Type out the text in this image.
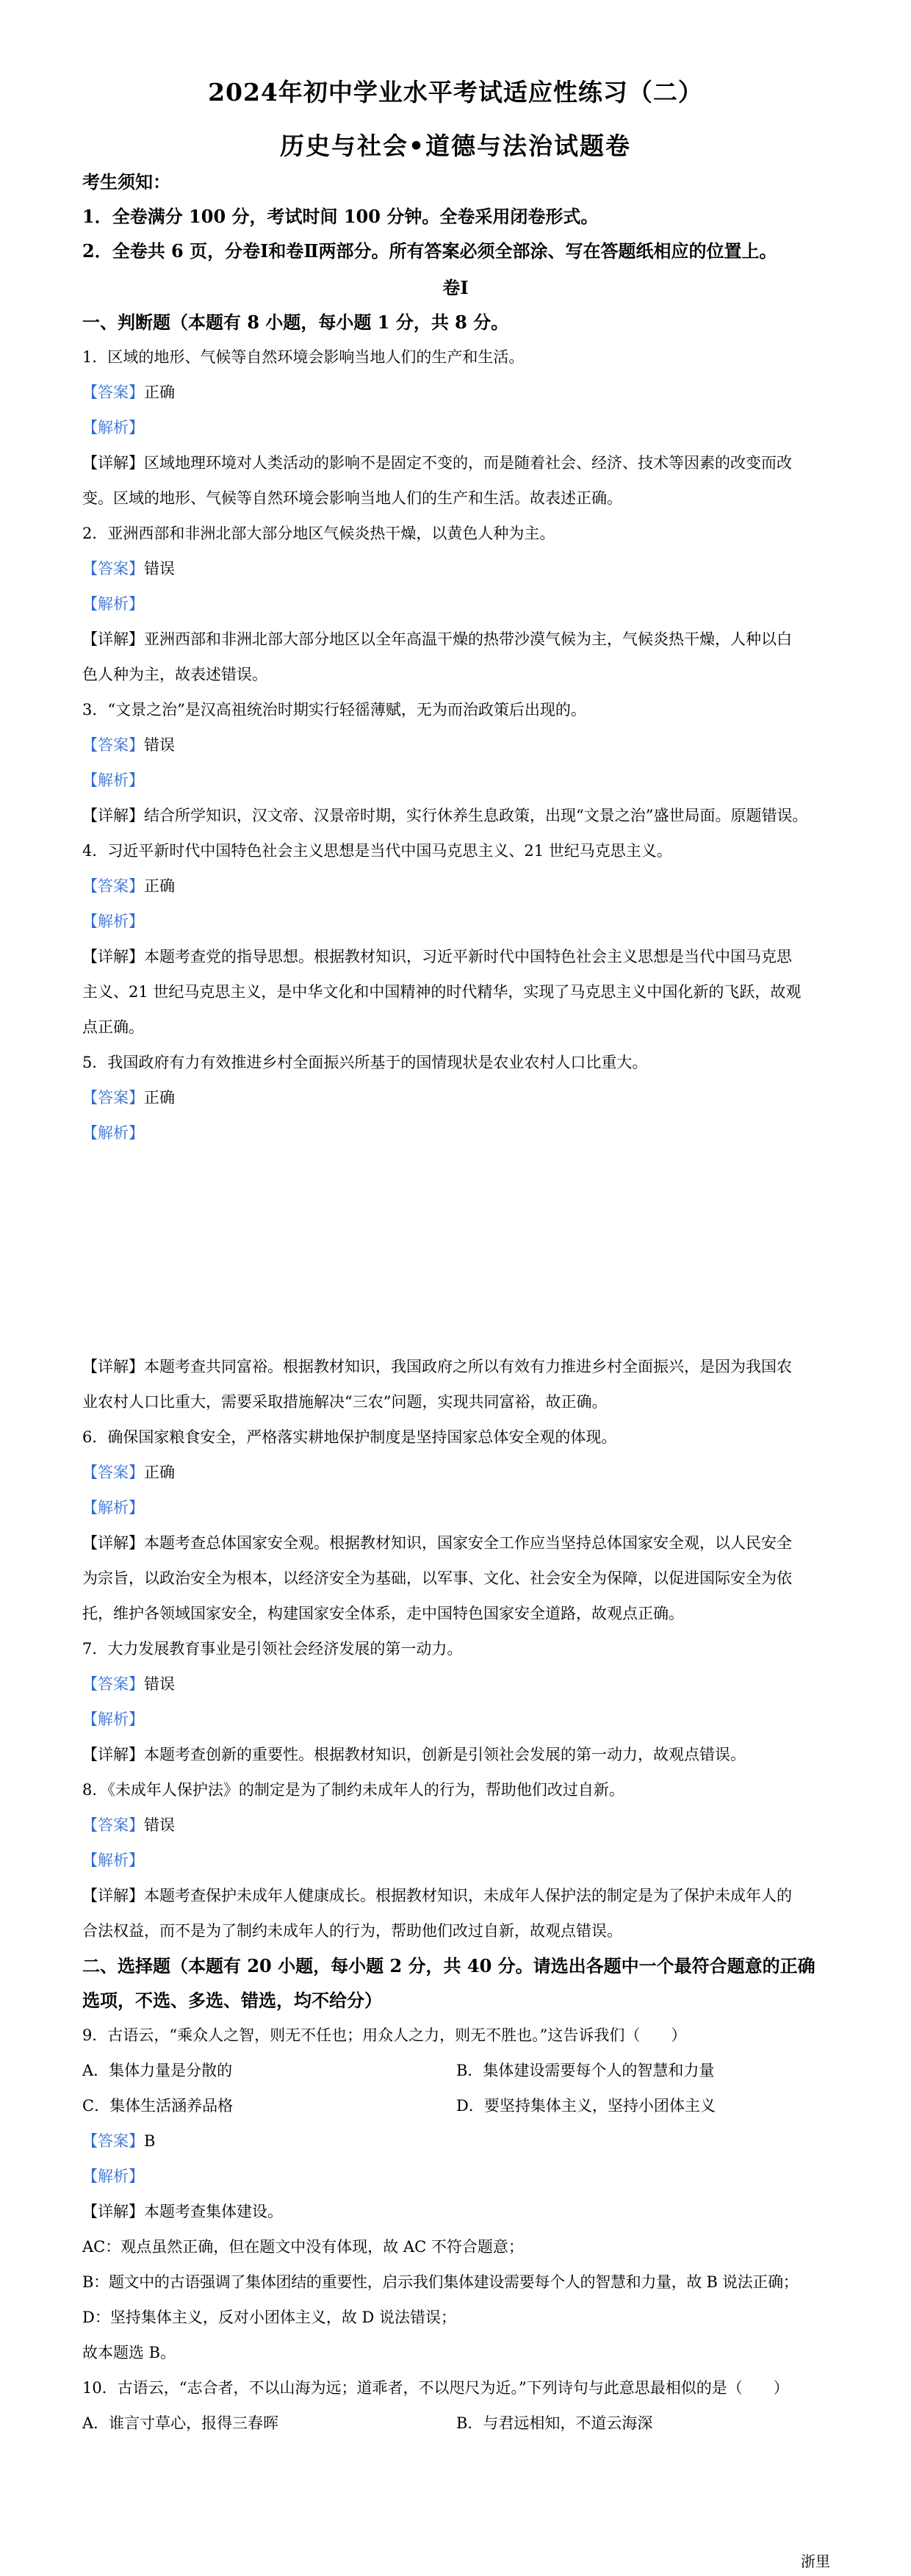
2024年初中学业水平考试适应性练习（二）
历史与社会•道德与法治试题卷
考生须知：
1．全卷满分 100 分，考试时间 100 分钟。全卷采用闭卷形式。
2．全卷共 6 页，分卷Ⅰ和卷Ⅱ两部分。所有答案必须全部涂、写在答题纸相应的位置上。
卷Ⅰ
一、判断题（本题有 8 小题，每小题 1 分，共 8 分。
1．区域的地形、气候等自然环境会影响当地人们的生产和生活。
【答案】正确
【解析】
【详解】区域地理环境对人类活动的影响不是固定不变的，而是随着社会、经济、技术等因素的改变而改
变。区域的地形、气候等自然环境会影响当地人们的生产和生活。故表述正确。
2．亚洲西部和非洲北部大部分地区气候炎热干燥，以黄色人种为主。
【答案】错误
【解析】
【详解】亚洲西部和非洲北部大部分地区以全年高温干燥的热带沙漠气候为主，气候炎热干燥，人种以白
色人种为主，故表述错误。
3．“文景之治”是汉高祖统治时期实行轻徭薄赋，无为而治政策后出现的。
【答案】错误
【解析】
【详解】结合所学知识，汉文帝、汉景帝时期，实行休养生息政策，出现“文景之治”盛世局面。原题错误。
4．习近平新时代中国特色社会主义思想是当代中国马克思主义、21 世纪马克思主义。
【答案】正确
【解析】
【详解】本题考查党的指导思想。根据教材知识，习近平新时代中国特色社会主义思想是当代中国马克思
主义、21 世纪马克思主义，是中华文化和中国精神的时代精华，实现了马克思主义中国化新的飞跃，故观
点正确。
5．我国政府有力有效推进乡村全面振兴所基于的国情现状是农业农村人口比重大。
【答案】正确
【解析】
【详解】本题考查共同富裕。根据教材知识，我国政府之所以有效有力推进乡村全面振兴，是因为我国农
业农村人口比重大，需要采取措施解决“三农”问题，实现共同富裕，故正确。
6．确保国家粮食安全，严格落实耕地保护制度是坚持国家总体安全观的体现。
【答案】正确
【解析】
【详解】本题考查总体国家安全观。根据教材知识，国家安全工作应当坚持总体国家安全观，以人民安全
为宗旨，以政治安全为根本，以经济安全为基础，以军事、文化、社会安全为保障，以促进国际安全为依
托，维护各领域国家安全，构建国家安全体系，走中国特色国家安全道路，故观点正确。
7．大力发展教育事业是引领社会经济发展的第一动力。
【答案】错误
【解析】
【详解】本题考查创新的重要性。根据教材知识，创新是引领社会发展的第一动力，故观点错误。
8．《未成年人保护法》的制定是为了制约未成年人的行为，帮助他们改过自新。
【答案】错误
【解析】
【详解】本题考查保护未成年人健康成长。根据教材知识，未成年人保护法的制定是为了保护未成年人的
合法权益，而不是为了制约未成年人的行为，帮助他们改过自新，故观点错误。
二、选择题（本题有 20 小题，每小题 2 分，共 40 分。请选出各题中一个最符合题意的正确
选项，不选、多选、错选，均不给分）
9．古语云，“乘众人之智，则无不任也；用众人之力，则无不胜也。”这告诉我们（　　）
A．集体力量是分散的	B．集体建设需要每个人的智慧和力量
C．集体生活涵养品格	D．要坚持集体主义，坚持小团体主义
【答案】B
【解析】
【详解】本题考查集体建设。
AC：观点虽然正确，但在题文中没有体现，故 AC 不符合题意；
B：题文中的古语强调了集体团结的重要性，启示我们集体建设需要每个人的智慧和力量，故 B 说法正确；
D：坚持集体主义，反对小团体主义，故 D 说法错误；
故本题选 B。
10．古语云，“志合者，不以山海为远；道乖者，不以咫尺为近。”下列诗句与此意思最相似的是（　　）
A．谁言寸草心，报得三春晖	B．与君远相知，不道云海深
浙里
